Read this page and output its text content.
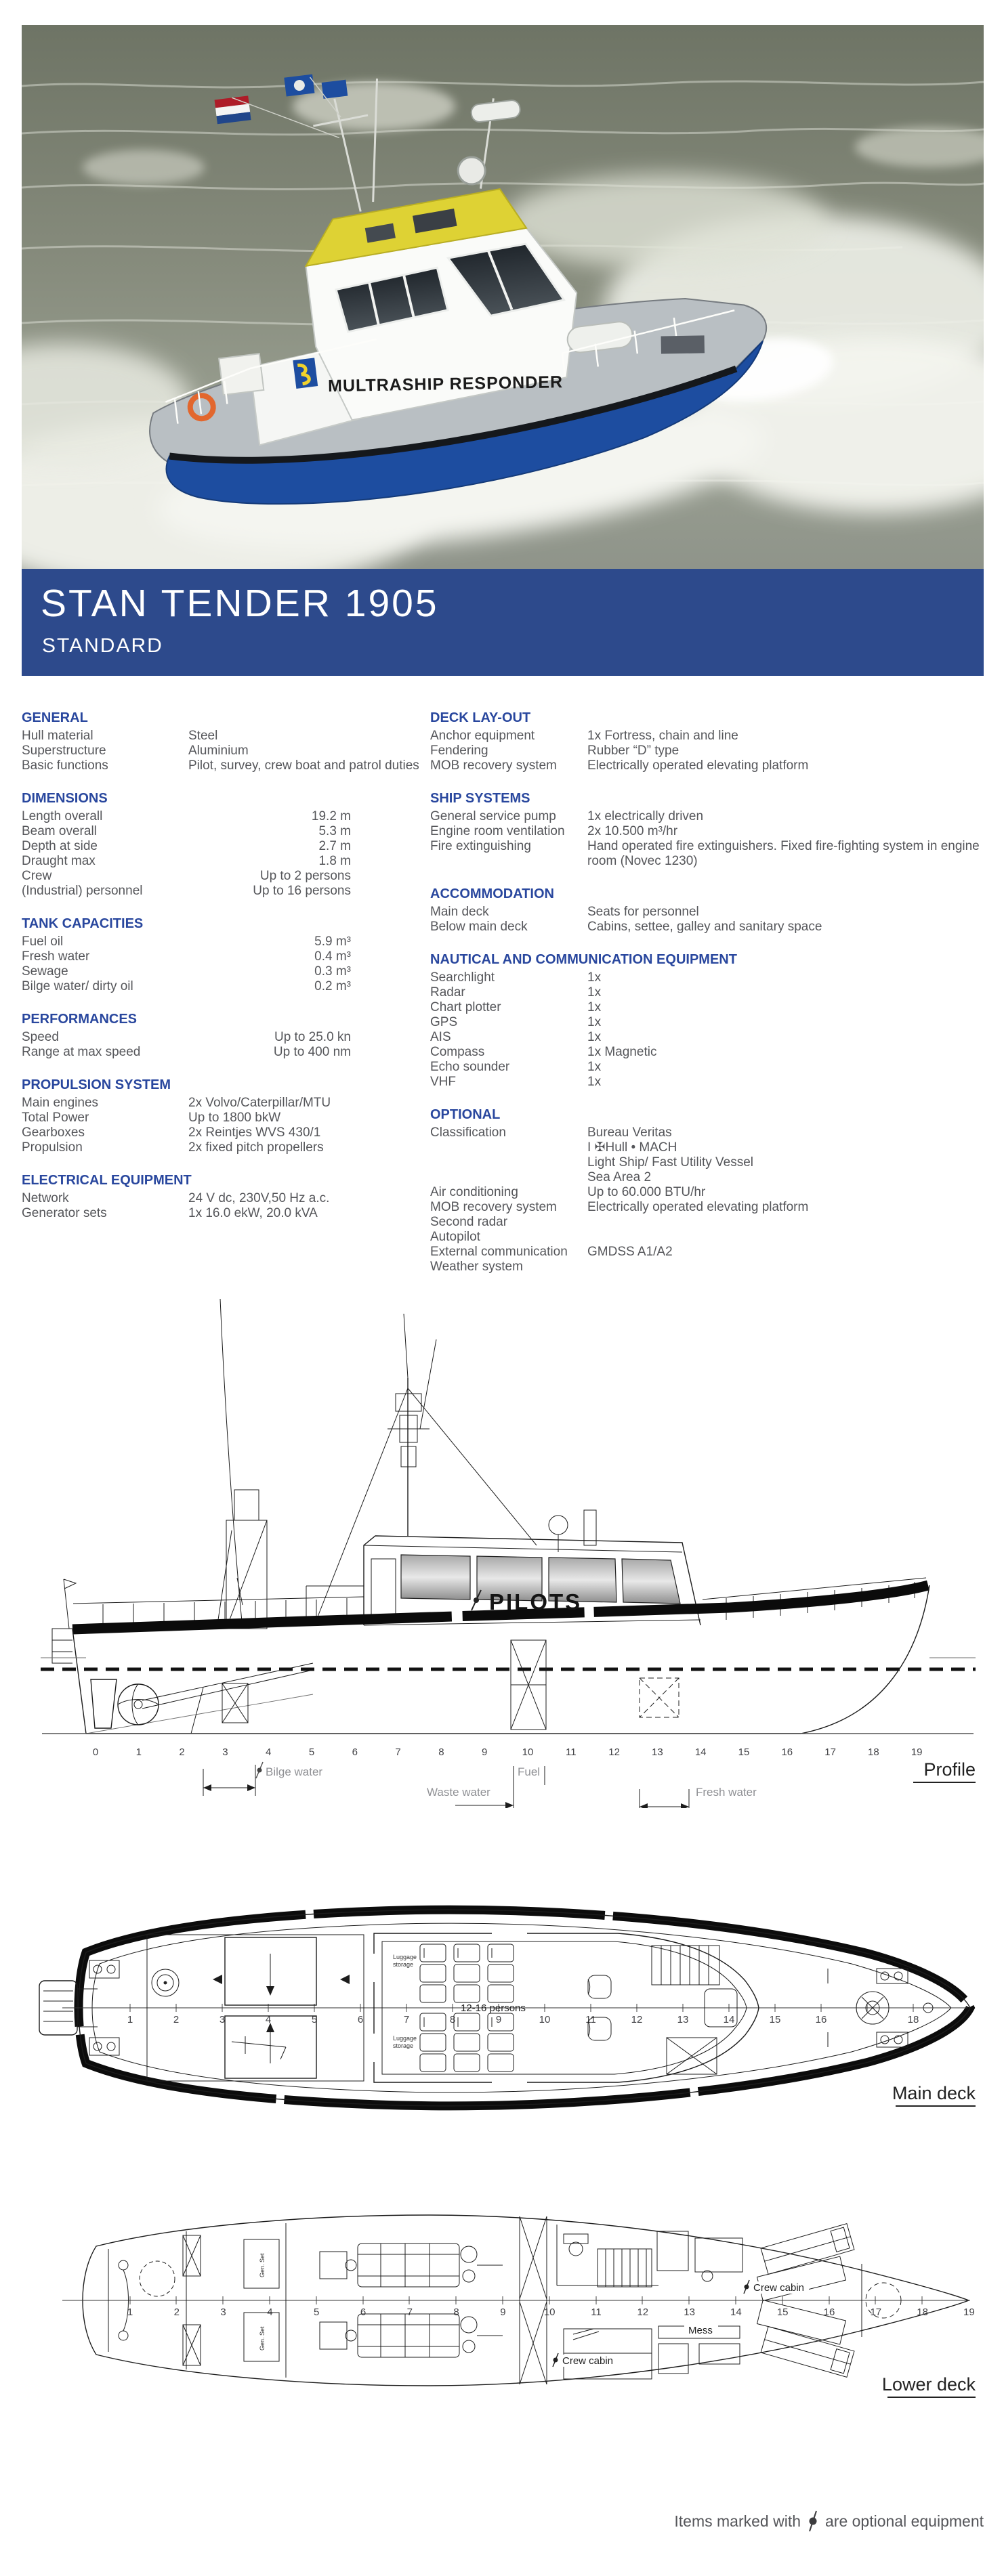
MULTRASHIP RESPONDER
STAN TENDER 1905
STANDARD
GENERAL
Hull material	Steel
Superstructure	Aluminium
Basic functions	Pilot, survey, crew boat and patrol duties
DIMENSIONS
Length overall	19.2 m
Beam overall	5.3 m
Depth at side	2.7 m
Draught max	1.8 m
Crew	Up to 2 persons
(Industrial) personnel	Up to 16 persons
TANK CAPACITIES
Fuel oil	5.9 m³
Fresh water	0.4 m³
Sewage	0.3 m³
Bilge water/ dirty oil	0.2 m³
PERFORMANCES
Speed	Up to 25.0 kn
Range at max speed	Up to 400 nm
PROPULSION SYSTEM
Main engines	2x Volvo/Caterpillar/MTU
Total Power	Up to 1800 bkW
Gearboxes	2x Reintjes WVS 430/1
Propulsion	2x fixed pitch propellers
ELECTRICAL EQUIPMENT
Network	24 V dc, 230V,50 Hz a.c.
Generator sets	1x 16.0 ekW, 20.0 kVA
DECK LAY-OUT
Anchor equipment	1x Fortress, chain and line
Fendering	Rubber “D” type
MOB recovery system	Electrically operated elevating platform
SHIP SYSTEMS
General service pump	1x electrically driven
Engine room ventilation	2x 10.500 m³/hr
Fire extinguishing	Hand operated fire extinguishers. Fixed fire-fighting system in engine room (Novec 1230)
ACCOMMODATION
Main deck	Seats for personnel
Below main deck	Cabins, settee, galley and sanitary space
NAUTICAL AND COMMUNICATION EQUIPMENT
Searchlight	1x
Radar	1x
Chart plotter	1x
GPS	1x
AIS	1x
Compass	1x Magnetic
Echo sounder	1x
VHF	1x
OPTIONAL
Classification	Bureau Veritas
I ✠Hull • MACH
Light Ship/ Fast Utility Vessel
Sea Area 2
Air conditioning	Up to 60.000 BTU/hr
MOB recovery system	Electrically operated elevating platform
Second radar
Autopilot
External communication	GMDSS A1/A2
Weather system
0	1	2	3	4	5	6	7	8	9	10	11	12	13	14	15	16	17	18	19
PILOTS
Bilge water
Waste water
Fuel
Fresh water
Profile
1	2	3	4	5	6	7	8	9	10	11	12	13	14	15	16	18
Luggage
storage
Luggage
storage
12-16 persons
Main deck
1	2	3	4	5	6	7	8	9	10	11	12	13	14	15	16	17	18	19
Gen. Set
Gen. Set
Crew cabin
Crew cabin
Mess
Lower deck
Items marked with are optional equipment
